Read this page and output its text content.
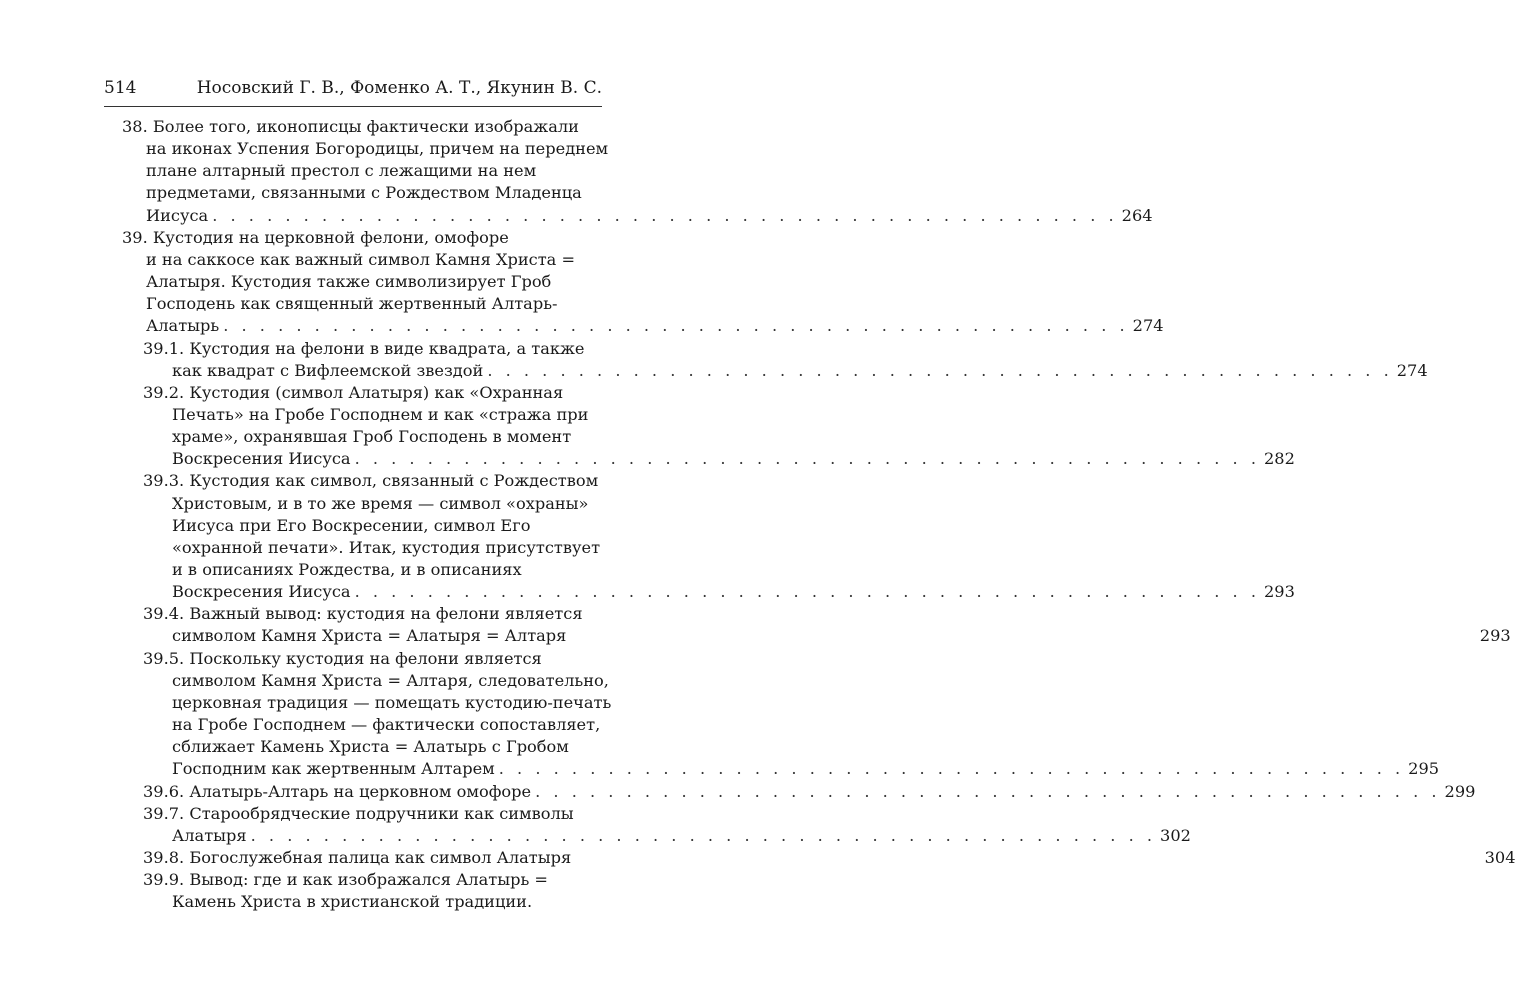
514	Носовский Г. В., Фоменко А. Т., Якунин В. С.
38. Более того, иконописцы фактически изображали
на иконах Успения Богородицы, причем на переднем
плане алтарный престол с лежащими на нем
предметами, связанными с Рождеством Младенца
Иисуса . . . . . . . . . . . . . . . . . . . . . . . . . . . . . . . . . . . . . . . . . . . . . . . . . . 264
39. Кустодия на церковной фелони, омофоре
и на саккосе как важный символ Камня Христа =
Алатыря. Кустодия также символизирует Гроб
Господень как священный жертвенный Алтарь-
Алатырь . . . . . . . . . . . . . . . . . . . . . . . . . . . . . . . . . . . . . . . . . . . . . . . . . . 274
39.1. Кустодия на фелони в виде квадрата, а также
как квадрат с Вифлеемской звездой . . . . . . . . . . . . . . . . . . . . . . . . . . . . . . . . . . . . . . . . . . . . . . . . . . 274
39.2. Кустодия (символ Алатыря) как «Охранная
Печать» на Гробе Господнем и как «стража при
храме», охранявшая Гроб Господень в момент
Воскресения Иисуса . . . . . . . . . . . . . . . . . . . . . . . . . . . . . . . . . . . . . . . . . . . . . . . . . . 282
39.3. Кустодия как символ, связанный с Рождеством
Христовым, и в то же время — символ «охраны»
Иисуса при Его Воскресении, символ Его
«охранной печати». Итак, кустодия присутствует
и в описаниях Рождества, и в описаниях
Воскресения Иисуса . . . . . . . . . . . . . . . . . . . . . . . . . . . . . . . . . . . . . . . . . . . . . . . . . . 293
39.4. Важный вывод: кустодия на фелони является
символом Камня Христа = Алатыря = Алтаря	293
39.5. Поскольку кустодия на фелони является
символом Камня Христа = Алтаря, следовательно,
церковная традиция — помещать кустодию-печать
на Гробе Господнем — фактически сопоставляет,
сближает Камень Христа = Алатырь с Гробом
Господним как жертвенным Алтарем . . . . . . . . . . . . . . . . . . . . . . . . . . . . . . . . . . . . . . . . . . . . . . . . . . 295
39.6. Алатырь-Алтарь на церковном омофоре . . . . . . . . . . . . . . . . . . . . . . . . . . . . . . . . . . . . . . . . . . . . . . . . . . 299
39.7. Старообрядческие подручники как символы
Алатыря . . . . . . . . . . . . . . . . . . . . . . . . . . . . . . . . . . . . . . . . . . . . . . . . . . 302
39.8. Богослужебная палица как символ Алатыря	304
39.9. Вывод: где и как изображался Алатырь =
Камень Христа в христианской традиции.
